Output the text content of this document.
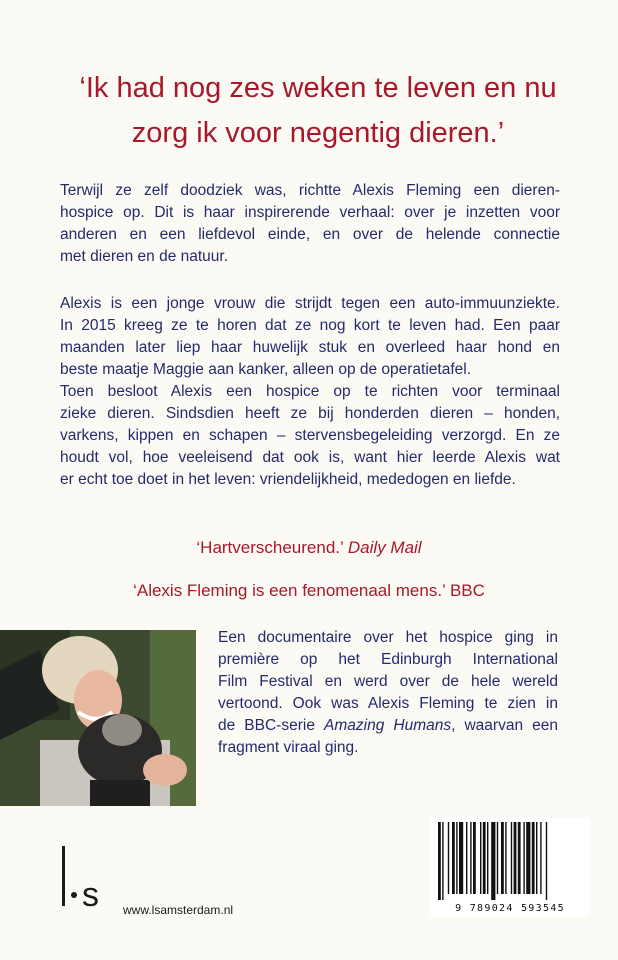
‘Ik had nog zes weken te leven en nu
zorg ik voor negentig dieren.’
Terwijl ze zelf doodziek was, richtte Alexis Fleming een dieren-
hospice op. Dit is haar inspirerende verhaal: over je inzetten voor
anderen en een liefdevol einde, en over de helende connectie
met dieren en de natuur.
Alexis is een jonge vrouw die strijdt tegen een auto-immuunziekte.
In 2015 kreeg ze te horen dat ze nog kort te leven had. Een paar
maanden later liep haar huwelijk stuk en overleed haar hond en
beste maatje Maggie aan kanker, alleen op de operatietafel.
Toen besloot Alexis een hospice op te richten voor terminaal
zieke dieren. Sindsdien heeft ze bij honderden dieren – honden,
varkens, kippen en schapen – stervensbegeleiding verzorgd. En ze
houdt vol, hoe veeleisend dat ook is, want hier leerde Alexis wat
er echt toe doet in het leven: vriendelijkheid, mededogen en liefde.
‘Hartverscheurend.’ Daily Mail
‘Alexis Fleming is een fenomenaal mens.’ BBC
Een documentaire over het hospice ging in
première op het Edinburgh International
Film Festival en werd over de hele wereld
vertoond. Ook was Alexis Fleming te zien in
de BBC-serie Amazing Humans, waarvan een
fragment viraal ging.
s www.lsamsterdam.nl	9 789024 593545
